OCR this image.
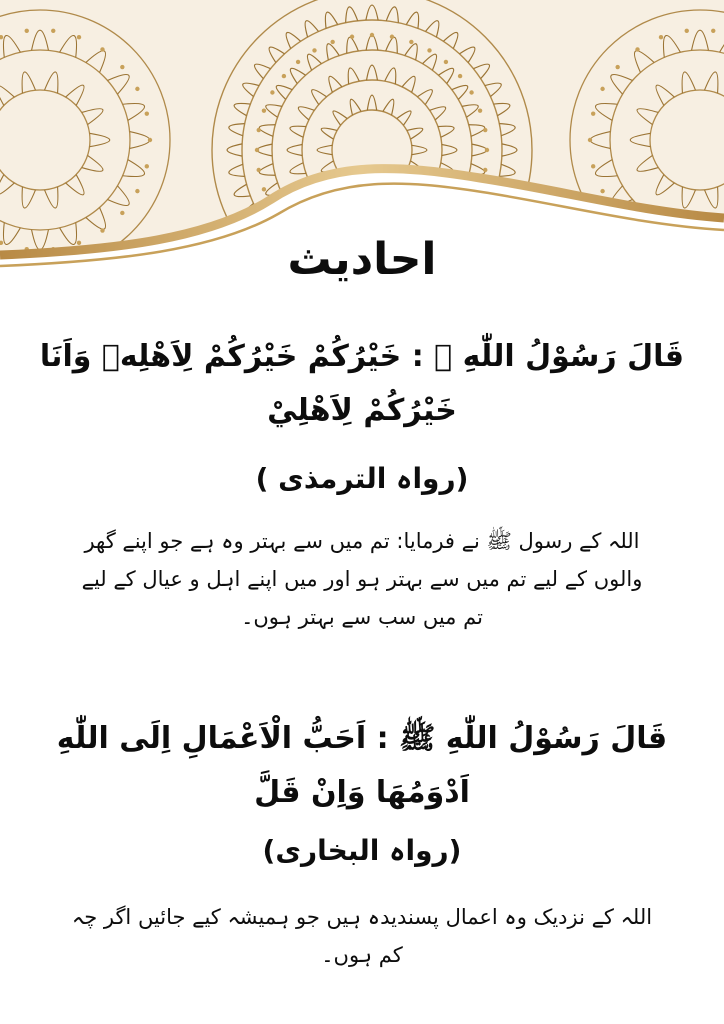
احادیث
قَالَ رَسُوْلُ اللّٰهِ ﷺ : خَيْرُكُمْ خَيْرُكُمْ لِاَهْلِهٖ وَاَنَا خَيْرُكُمْ لِاَهْلِيْ
(رواہ الترمذی )
اللہ کے رسول ﷺ نے فرمایا: تم میں سے بہتر وہ ہے جو اپنے گھر والوں کے لیے تم میں سے بہتر ہو اور میں اپنے اہل و عیال کے لیے تم میں سب سے بہتر ہوں۔
قَالَ رَسُوْلُ اللّٰهِ ﷺ : اَحَبُّ الْاَعْمَالِ اِلَى اللّٰهِ اَدْوَمُهَا وَاِنْ قَلَّ
(رواہ البخاری)
اللہ کے نزدیک وہ اعمال پسندیدہ ہیں جو ہمیشہ کیے جائیں اگر چہ کم ہوں۔
